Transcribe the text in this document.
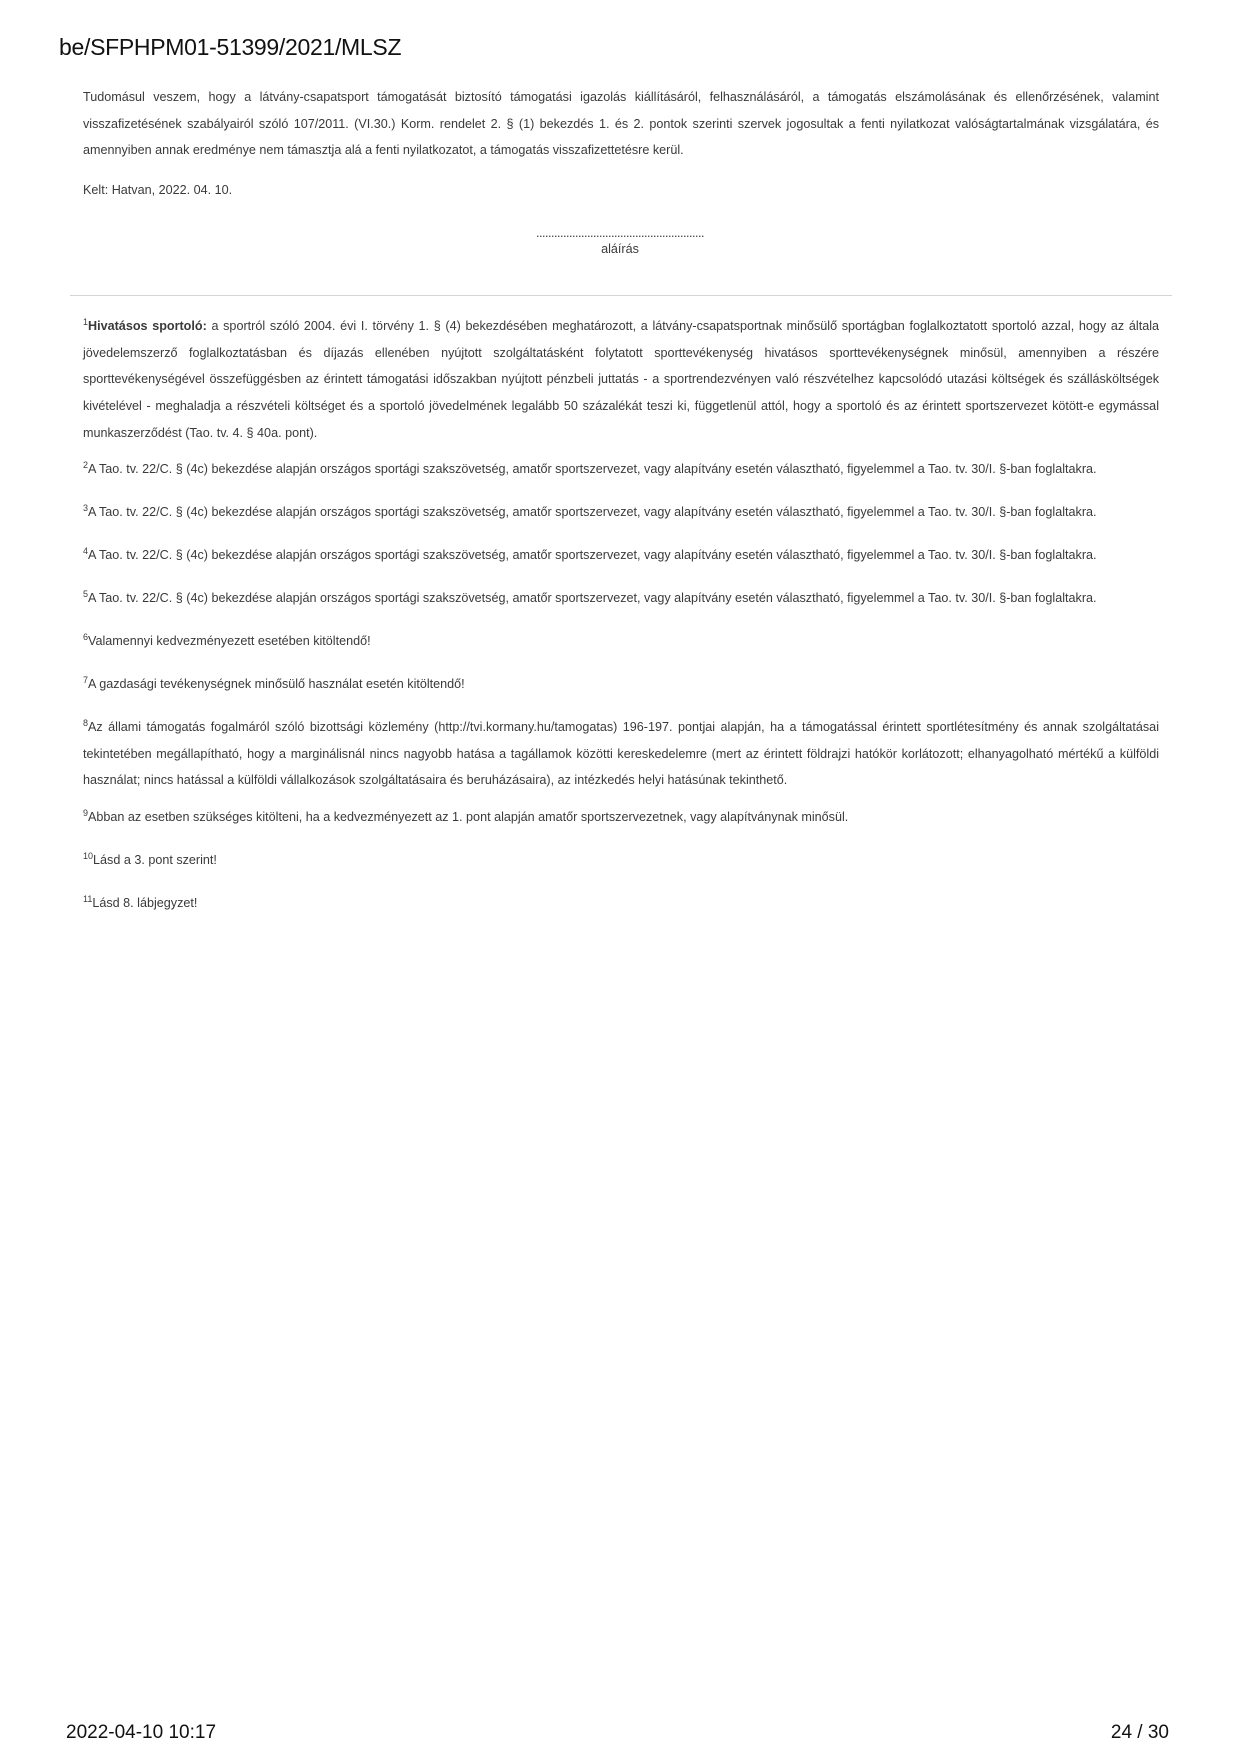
be/SFPHPM01-51399/2021/MLSZ
Tudomásul veszem, hogy a látvány-csapatsport támogatását biztosító támogatási igazolás kiállításáról, felhasználásáról, a támogatás elszámolásának és ellenőrzésének, valamint visszafizetésének szabályairól szóló 107/2011. (VI.30.) Korm. rendelet 2. § (1) bekezdés 1. és 2. pontok szerinti szervek jogosultak a fenti nyilatkozat valóságtartalmának vizsgálatára, és amennyiben annak eredménye nem támasztja alá a fenti nyilatkozatot, a támogatás visszafizettetésre kerül.
Kelt: Hatvan, 2022. 04. 10.
........................................................
aláírás
$^1$Hivatásos sportoló: a sportról szóló 2004. évi I. törvény 1. § (4) bekezdésében meghatározott, a látvány-csapatsportnak minősülő sportágban foglalkoztatott sportoló azzal, hogy az általa jövedelemszerző foglalkoztatásban és díjazás ellenében nyújtott szolgáltatásként folytatott sporttevékenység hivatásos sporttevékenységnek minősül, amennyiben a részére sporttevékenységével összefüggésben az érintett támogatási időszakban nyújtott pénzbeli juttatás - a sportrendezvényen való részvételhez kapcsolódó utazási költségek és szállásköltségek kivételével - meghaladja a részvételi költséget és a sportoló jövedelmének legalább 50 százalékát teszi ki, függetlenül attól, hogy a sportoló és az érintett sportszervezet kötött-e egymással munkaszerződést (Tao. tv. 4. § 40a. pont).
$^2$A Tao. tv. 22/C. § (4c) bekezdése alapján országos sportági szakszövetség, amatőr sportszervezet, vagy alapítvány esetén választható, figyelemmel a Tao. tv. 30/I. §-ban foglaltakra.
$^3$A Tao. tv. 22/C. § (4c) bekezdése alapján országos sportági szakszövetség, amatőr sportszervezet, vagy alapítvány esetén választható, figyelemmel a Tao. tv. 30/I. §-ban foglaltakra.
$^4$A Tao. tv. 22/C. § (4c) bekezdése alapján országos sportági szakszövetség, amatőr sportszervezet, vagy alapítvány esetén választható, figyelemmel a Tao. tv. 30/I. §-ban foglaltakra.
$^5$A Tao. tv. 22/C. § (4c) bekezdése alapján országos sportági szakszövetség, amatőr sportszervezet, vagy alapítvány esetén választható, figyelemmel a Tao. tv. 30/I. §-ban foglaltakra.
$^6$Valamennyi kedvezményezett esetében kitöltendő!
$^7$A gazdasági tevékenységnek minősülő használat esetén kitöltendő!
$^8$Az állami támogatás fogalmáról szóló bizottsági közlemény (http://tvi.kormany.hu/tamogatas) 196-197. pontjai alapján, ha a támogatással érintett sportlétesítmény és annak szolgáltatásai tekintetében megállapítható, hogy a marginálisnál nincs nagyobb hatása a tagállamok közötti kereskedelemre (mert az érintett földrajzi hatókör korlátozott; elhanyagolható mértékű a külföldi használat; nincs hatással a külföldi vállalkozások szolgáltatásaira és beruházásaira), az intézkedés helyi hatásúnak tekinthető.
$^9$Abban az esetben szükséges kitölteni, ha a kedvezményezett az 1. pont alapján amatőr sportszervezetnek, vagy alapítványnak minősül.
$^{10}$Lásd a 3. pont szerint!
$^{11}$Lásd 8. lábjegyzet!
2022-04-10 10:17	24 / 30
